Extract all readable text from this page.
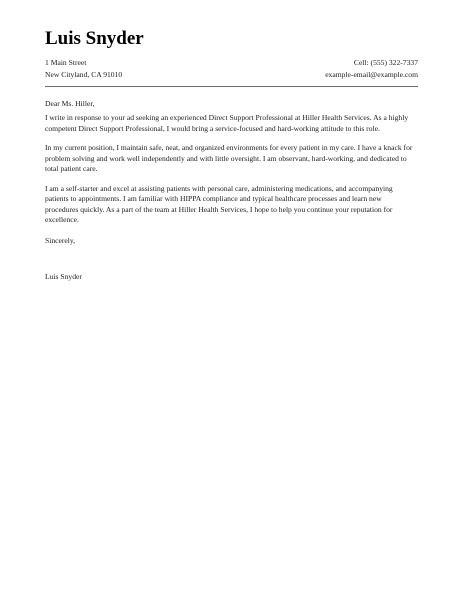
Luis Snyder
1 Main Street	Cell: (555) 322-7337
New Cityland, CA 91010	example-email@example.com

Dear Ms. Hiller,

I write in response to your ad seeking an experienced Direct Support Professional at Hiller Health Services. As a highly competent Direct Support Professional, I would bring a service-focused and hard-working attitude to this role.

In my current position, I maintain safe, neat, and organized environments for every patient in my care. I have a knack for problem solving and work well independently and with little oversight. I am observant, hard-working, and dedicated to total patient care.

I am a self-starter and excel at assisting patients with personal care, administering medications, and accompanying patients to appointments. I am familiar with HIPPA compliance and typical healthcare processes and learn new procedures quickly. As a part of the team at Hiller Health Services, I hope to help you continue your reputation for excellence.

Sincerely,

Luis Snyder
